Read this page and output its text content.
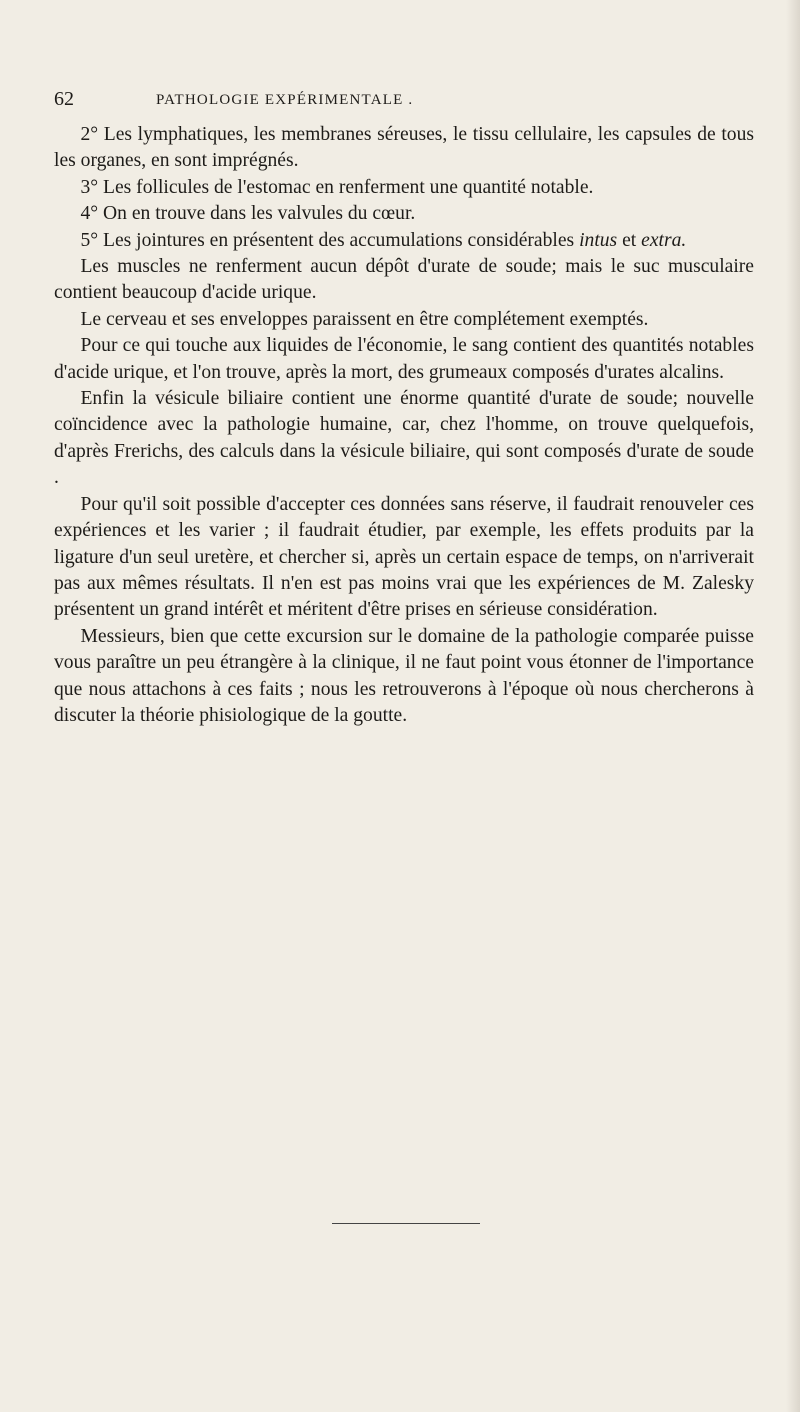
62	PATHOLOGIE EXPÉRIMENTALE .

2° Les lymphatiques, les membranes séreuses, le tissu cellulaire, les capsules de tous les organes, en sont imprégnés.

3° Les follicules de l'estomac en renferment une quantité notable.

4° On en trouve dans les valvules du cœur.

5° Les jointures en présentent des accumulations considérables intus et extra.

Les muscles ne renferment aucun dépôt d'urate de soude; mais le suc musculaire contient beaucoup d'acide urique.

Le cerveau et ses enveloppes paraissent en être complétement exemptés.

Pour ce qui touche aux liquides de l'économie, le sang contient des quantités notables d'acide urique, et l'on trouve, après la mort, des grumeaux composés d'urates alcalins.

Enfin la vésicule biliaire contient une énorme quantité d'urate de soude; nouvelle coïncidence avec la pathologie humaine, car, chez l'homme, on trouve quelquefois, d'après Frerichs, des calculs dans la vésicule biliaire, qui sont composés d'urate de soude .

Pour qu'il soit possible d'accepter ces données sans réserve, il faudrait renouveler ces expériences et les varier ; il faudrait étudier, par exemple, les effets produits par la ligature d'un seul uretère, et chercher si, après un certain espace de temps, on n'arriverait pas aux mêmes résultats. Il n'en est pas moins vrai que les expériences de M. Zalesky présentent un grand intérêt et méritent d'être prises en sérieuse considération.

Messieurs, bien que cette excursion sur le domaine de la pathologie comparée puisse vous paraître un peu étrangère à la clinique, il ne faut point vous étonner de l'importance que nous attachons à ces faits ; nous les retrouverons à l'époque où nous chercherons à discuter la théorie phisiologique de la goutte.
